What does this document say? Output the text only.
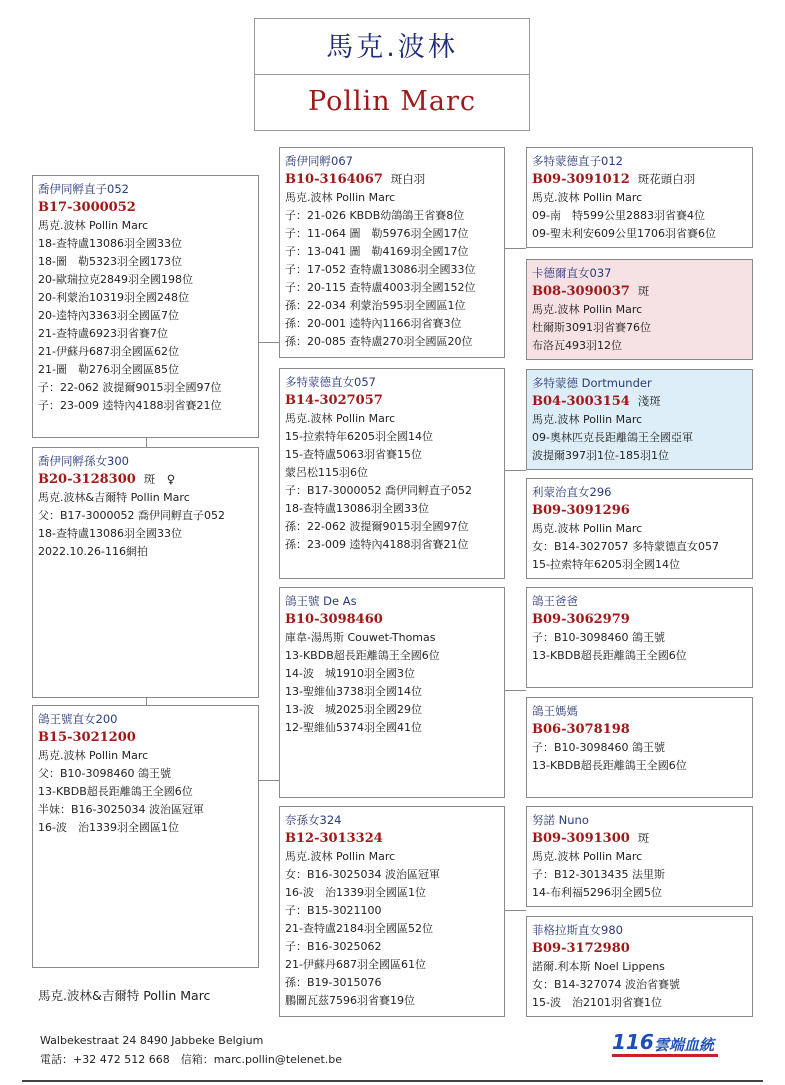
馬克.波林
Pollin Marc
喬伊同孵直子052
B17-3000052
馬克.波林 Pollin Marc
18-查特盧13086羽全國33位
18-圖　勒5323羽全國173位
20-歐瑞拉克2849羽全國198位
20-利蒙治10319羽全國248位
20-逵特內3363羽全國區7位
21-查特盧6923羽省賽7位
21-伊蘇丹687羽全國區62位
21-圖　勒276羽全國區85位
子：22-062 波提爾9015羽全國97位
子：23-009 逵特內4188羽省賽21位
喬伊同孵孫女300
B20-3128300 斑　♀
馬克.波林&吉爾特 Pollin Marc
父：B17-3000052 喬伊同孵直子052
18-查特盧13086羽全國33位
2022.10.26-116網拍
鴿王號直女200
B15-3021200
馬克.波林 Pollin Marc
父：B10-3098460 鴿王號
13-KBDB超長距離鴿王全國6位
半妹：B16-3025034 波治區冠軍
16-波　治1339羽全國區1位
喬伊同孵067
B10-3164067 斑白羽
馬克.波林 Pollin Marc
子：21-026 KBDB幼鴿鴿王省賽8位
子：11-064 圖　勒5976羽全國17位
子：13-041 圖　勒4169羽全國17位
子：17-052 查特盧13086羽全國33位
子：20-115 查特盧4003羽全國152位
孫：22-034 利蒙治595羽全國區1位
孫：20-001 逵特內1166羽省賽3位
孫：20-085 查特盧270羽全國區20位
多特蒙德直女057
B14-3027057
馬克.波林 Pollin Marc
15-拉索特年6205羽全國14位
15-查特盧5063羽省賽15位
蒙呂松115羽6位
子：B17-3000052 喬伊同孵直子052
18-查特盧13086羽全國33位
孫：22-062 波提爾9015羽全國97位
孫：23-009 逵特內4188羽省賽21位
鴿王號 De As
B10-3098460
庫韋-湯馬斯 Couwet-Thomas
13-KBDB超長距離鴿王全國6位
14-波　城1910羽全國3位
13-聖維仙3738羽全國14位
13-波　城2025羽全國29位
12-聖維仙5374羽全國41位
奈孫女324
B12-3013324
馬克.波林 Pollin Marc
女：B16-3025034 波治區冠軍
16-波　治1339羽全國區1位
子：B15-3021100
21-查特盧2184羽全國區52位
子：B16-3025062
21-伊蘇丹687羽全國區61位
孫：B19-3015076
鵬圖瓦茲7596羽省賽19位
多特蒙德直子012
B09-3091012 斑花頭白羽
馬克.波林 Pollin Marc
09-南　特599公里2883羽省賽4位
09-聖未利安609公里1706羽省賽6位
卡德爾直女037
B08-3090037 斑
馬克.波林 Pollin Marc
杜爾斯3091羽省賽76位
布洛瓦493羽12位
多特蒙德 Dortmunder
B04-3003154 淺斑
馬克.波林 Pollin Marc
09-奧林匹克長距離鴿王全國亞軍
波提爾397羽1位-185羽1位
利蒙治直女296
B09-3091296
馬克.波林 Pollin Marc
女：B14-3027057 多特蒙德直女057
15-拉索特年6205羽全國14位
鴿王爸爸
B09-3062979
子：B10-3098460 鴿王號
13-KBDB超長距離鴿王全國6位
鴿王媽媽
B06-3078198
子：B10-3098460 鴿王號
13-KBDB超長距離鴿王全國6位
努諾 Nuno
B09-3091300 斑
馬克.波林 Pollin Marc
子：B12-3013435 法里斯
14-布利福5296羽全國5位
菲格拉斯直女980
B09-3172980
諾爾.利本斯 Noel Lippens
女：B14-327074 波治省賽號
15-波　治2101羽省賽1位
馬克.波林&吉爾特 Pollin Marc
Walbekestraat 24 8490 Jabbeke Belgium
電話：+32 472 512 668　信箱：marc.pollin@telenet.be
116 雲端血統
